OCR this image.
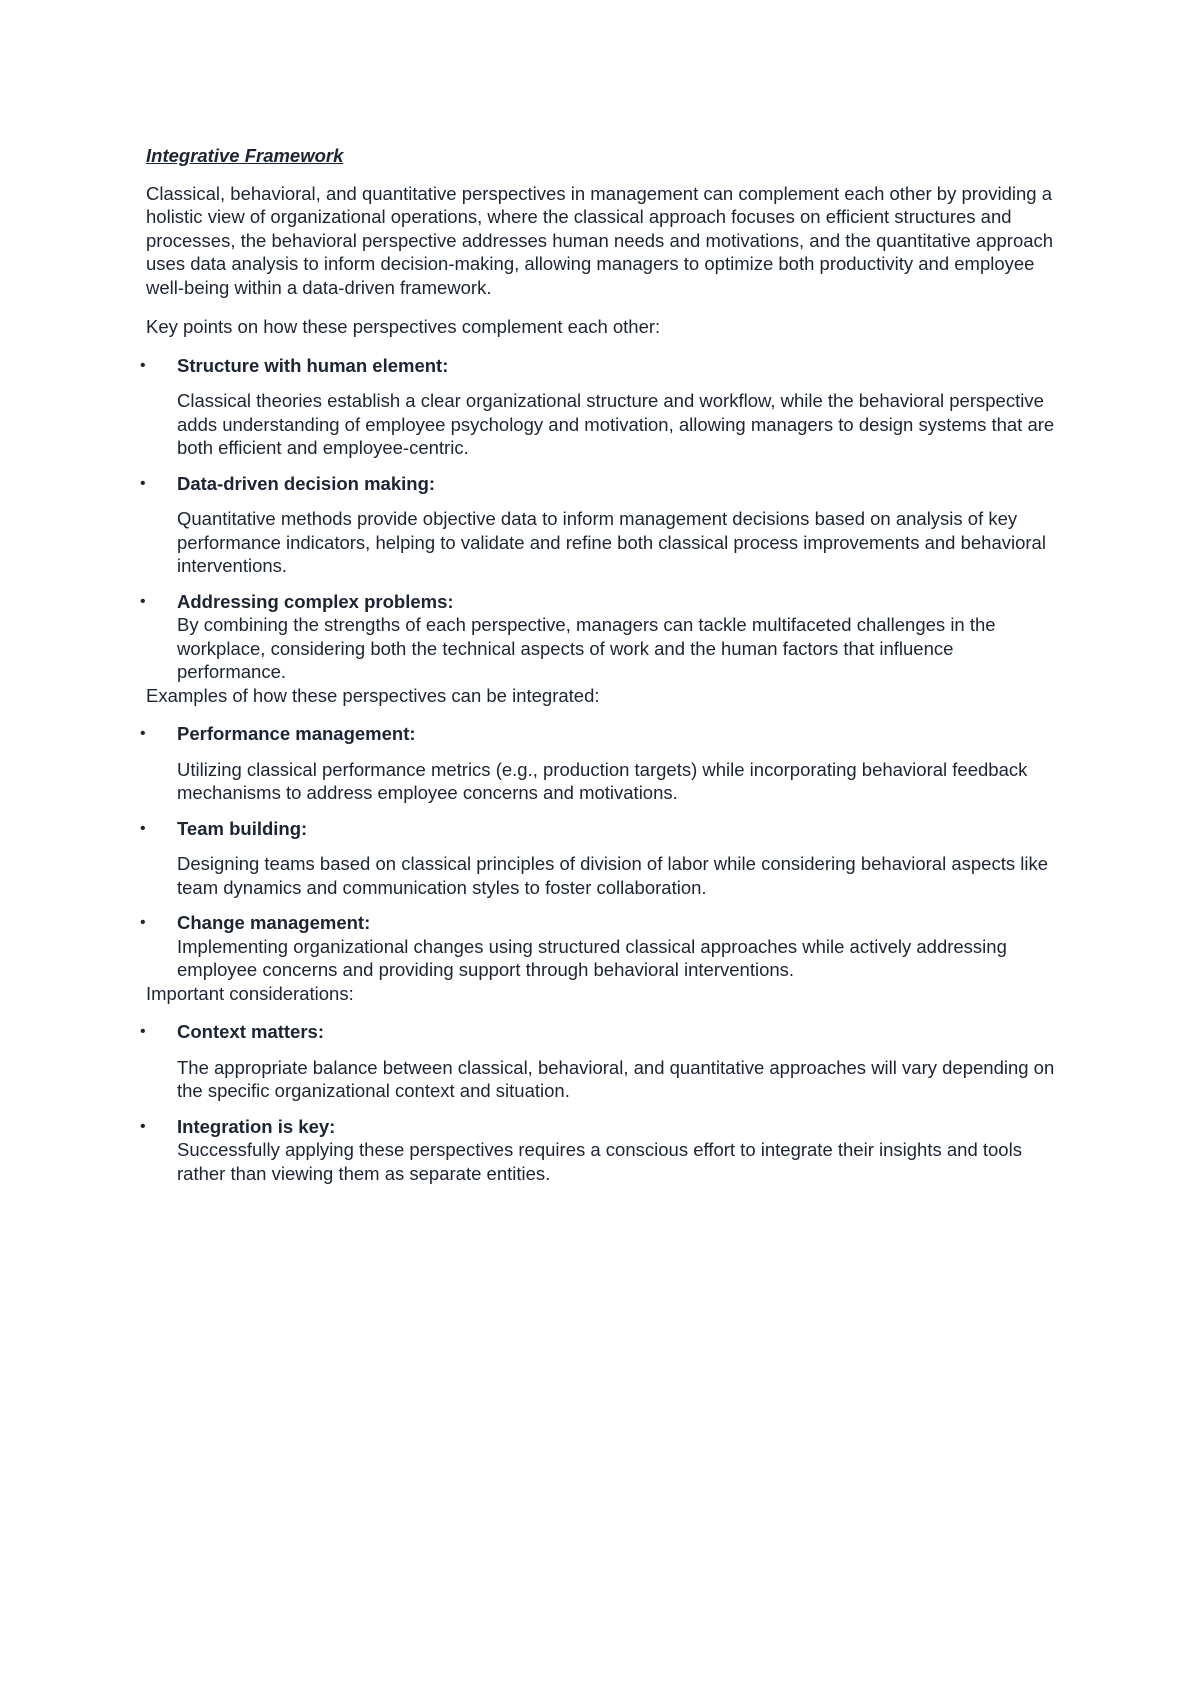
Integrative Framework

Classical, behavioral, and quantitative perspectives in management can complement each other by providing a holistic view of organizational operations, where the classical approach focuses on efficient structures and processes, the behavioral perspective addresses human needs and motivations, and the quantitative approach uses data analysis to inform decision-making, allowing managers to optimize both productivity and employee well-being within a data-driven framework.

Key points on how these perspectives complement each other:

• Structure with human element:
Classical theories establish a clear organizational structure and workflow, while the behavioral perspective adds understanding of employee psychology and motivation, allowing managers to design systems that are both efficient and employee-centric.
• Data-driven decision making:
Quantitative methods provide objective data to inform management decisions based on analysis of key performance indicators, helping to validate and refine both classical process improvements and behavioral interventions.
• Addressing complex problems:
By combining the strengths of each perspective, managers can tackle multifaceted challenges in the workplace, considering both the technical aspects of work and the human factors that influence performance.

Examples of how these perspectives can be integrated:

• Performance management:
Utilizing classical performance metrics (e.g., production targets) while incorporating behavioral feedback mechanisms to address employee concerns and motivations.
• Team building:
Designing teams based on classical principles of division of labor while considering behavioral aspects like team dynamics and communication styles to foster collaboration.
• Change management:
Implementing organizational changes using structured classical approaches while actively addressing employee concerns and providing support through behavioral interventions.

Important considerations:

• Context matters:
The appropriate balance between classical, behavioral, and quantitative approaches will vary depending on the specific organizational context and situation.
• Integration is key:
Successfully applying these perspectives requires a conscious effort to integrate their insights and tools rather than viewing them as separate entities.
